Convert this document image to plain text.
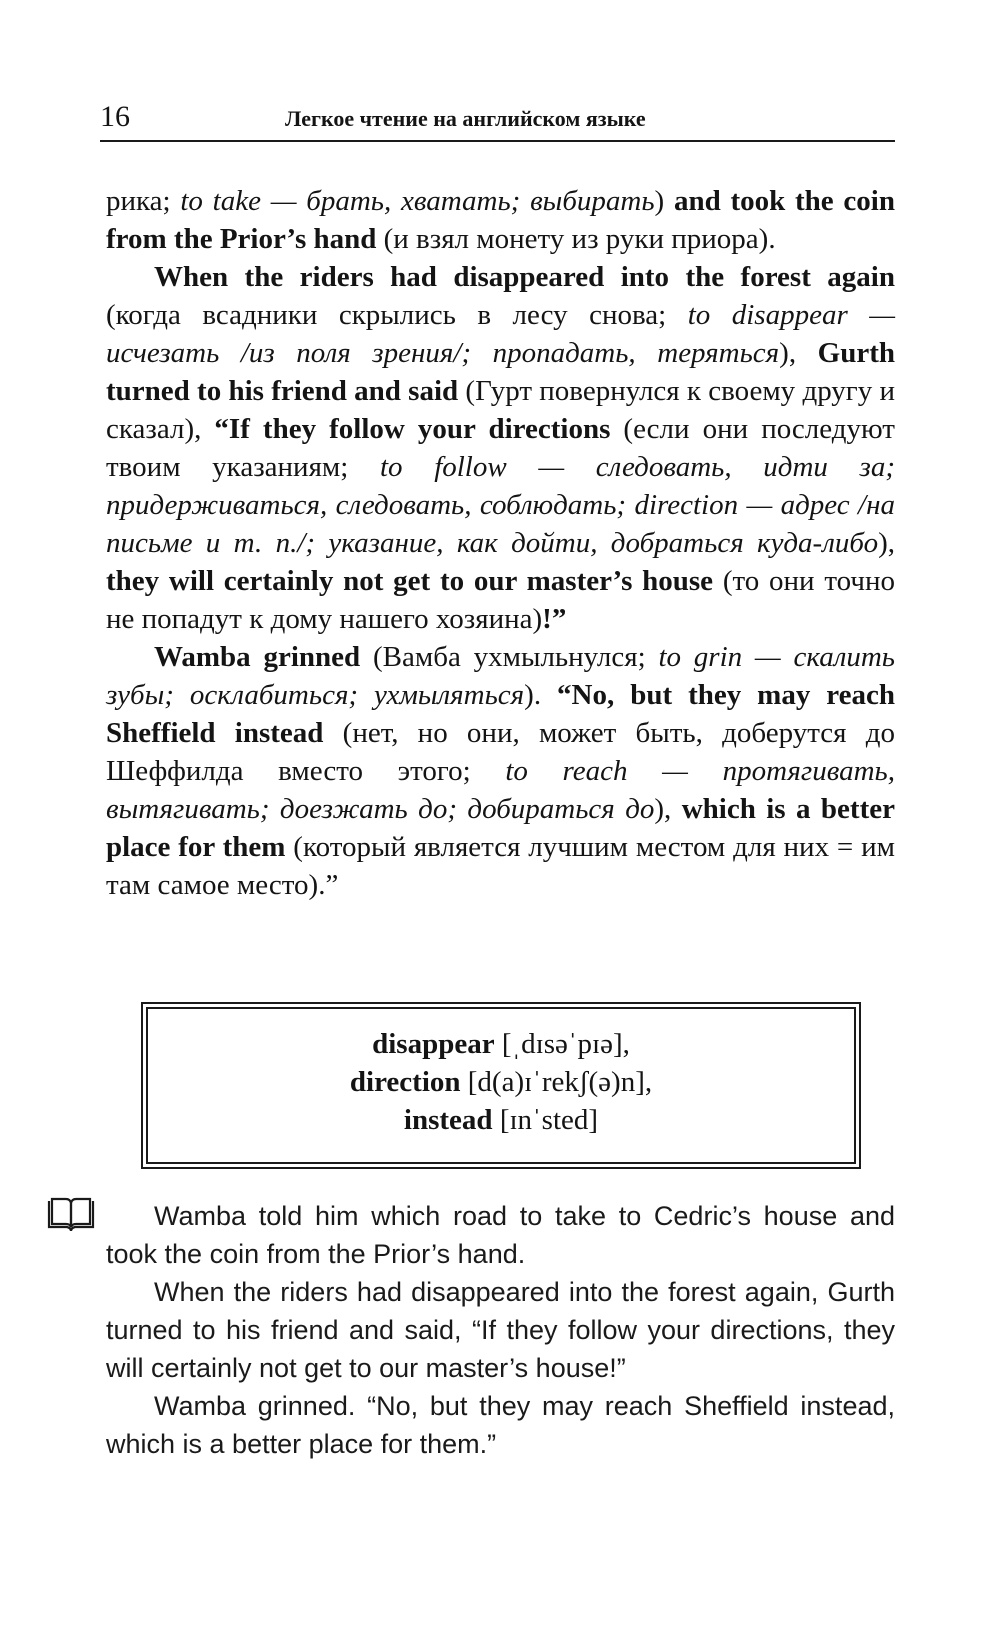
16	Легкое чтение на английском языке

рика; to take — брать, хватать; выбирать) and took the coin from the Prior’s hand (и взял монету из руки приора).

When the riders had disappeared into the forest again (когда всадники скрылись в лесу снова; to disappear — исчезать /из поля зрения/; пропадать, теряться), Gurth turned to his friend and said (Гурт повернулся к своему другу и сказал), “If they follow your directions (если они последуют твоим указаниям; to follow — следовать, идти за; придерживаться, следовать, соблюдать; direction — адрес /на письме и т. п./; указание, как дойти, добраться куда-либо), they will certainly not get to our master’s house (то они точно не попадут к дому нашего хозяина)!”

Wamba grinned (Вамба ухмыльнулся; to grin — скалить зубы; осклабиться; ухмыляться). “No, but they may reach Sheffield instead (нет, но они, может быть, доберутся до Шеффилда вместо этого; to reach — протягивать, вытягивать; доезжать до; добираться до), which is a better place for them (который является лучшим местом для них = им там самое место).”

disappear [ˌdɪsəˈpɪə],
direction [d(a)ɪˈrekʃ(ə)n],
instead [ɪnˈsted]

Wamba told him which road to take to Cedric’s house and took the coin from the Prior’s hand.

When the riders had disappeared into the forest again, Gurth turned to his friend and said, “If they follow your directions, they will certainly not get to our master’s house!”

Wamba grinned. “No, but they may reach Sheffield instead, which is a better place for them.”
